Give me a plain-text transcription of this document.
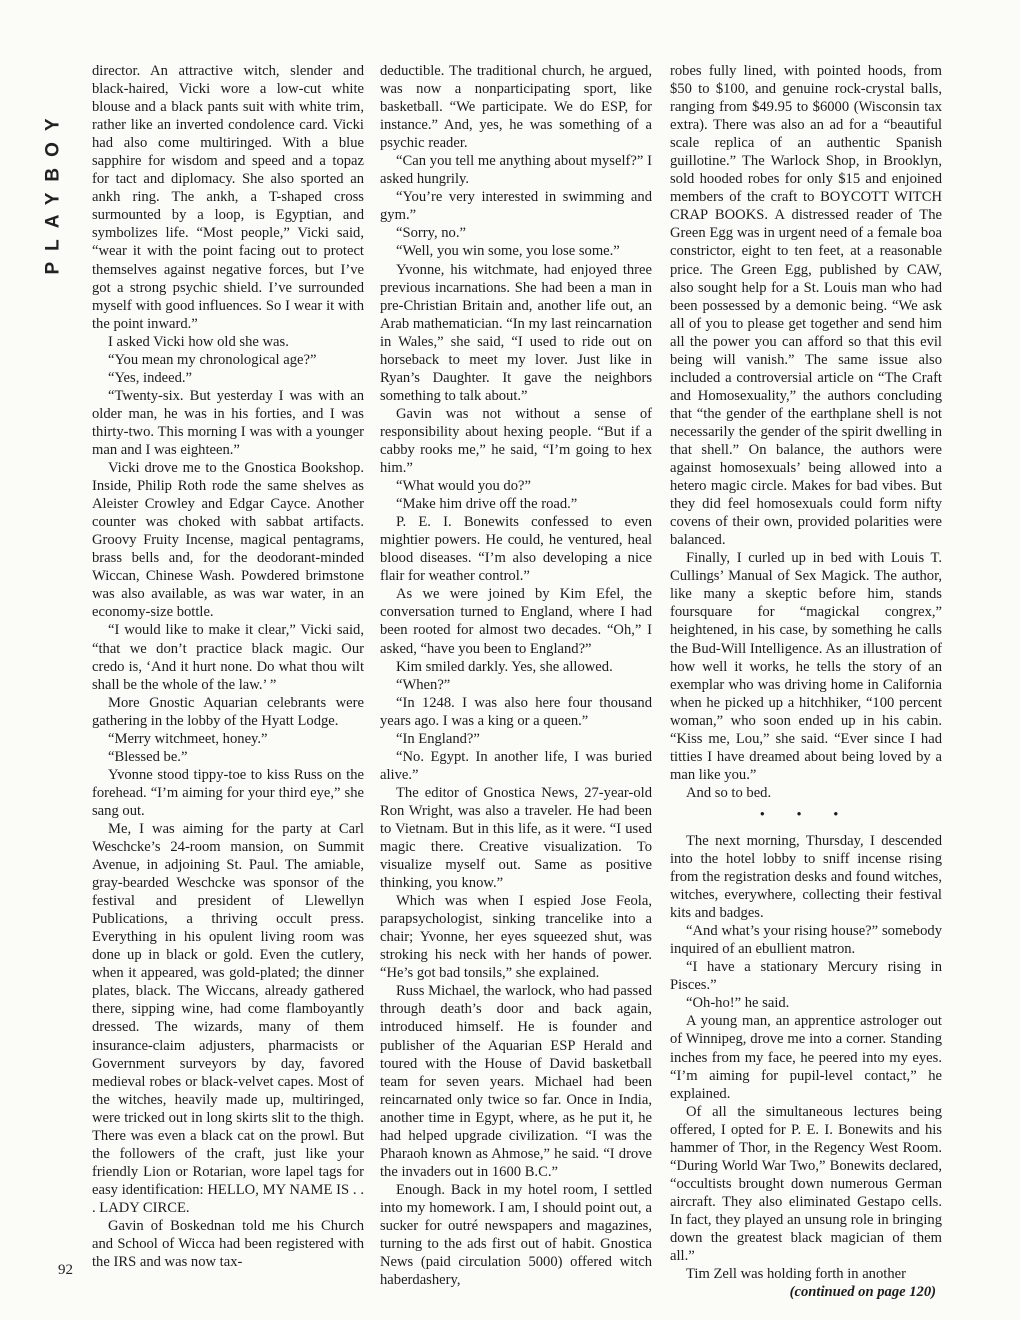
PLAYBOY

director. An attractive witch, slender and black-haired, Vicki wore a low-cut white blouse and a black pants suit with white trim, rather like an inverted condolence card. Vicki had also come multiringed. With a blue sapphire for wisdom and speed and a topaz for tact and diplomacy. She also sported an ankh ring. The ankh, a T-shaped cross surmounted by a loop, is Egyptian, and symbolizes life. “Most people,” Vicki said, “wear it with the point facing out to protect themselves against negative forces, but I’ve got a strong psychic shield. I’ve surrounded myself with good influences. So I wear it with the point inward.”

I asked Vicki how old she was.

“You mean my chronological age?”

“Yes, indeed.”

“Twenty-six. But yesterday I was with an older man, he was in his forties, and I was thirty-two. This morning I was with a younger man and I was eighteen.”

Vicki drove me to the Gnostica Bookshop. Inside, Philip Roth rode the same shelves as Aleister Crowley and Edgar Cayce. Another counter was choked with sabbat artifacts. Groovy Fruity Incense, magical pentagrams, brass bells and, for the deodorant-minded Wiccan, Chinese Wash. Powdered brimstone was also available, as was war water, in an economy-size bottle.

“I would like to make it clear,” Vicki said, “that we don’t practice black magic. Our credo is, ‘And it hurt none. Do what thou wilt shall be the whole of the law.’ ”

More Gnostic Aquarian celebrants were gathering in the lobby of the Hyatt Lodge.

“Merry witchmeet, honey.”

“Blessed be.”

Yvonne stood tippy-toe to kiss Russ on the forehead. “I’m aiming for your third eye,” she sang out.

Me, I was aiming for the party at Carl Weschcke’s 24-room mansion, on Summit Avenue, in adjoining St. Paul. The amiable, gray-bearded Weschcke was sponsor of the festival and president of Llewellyn Publications, a thriving occult press. Everything in his opulent living room was done up in black or gold. Even the cutlery, when it appeared, was gold-plated; the dinner plates, black. The Wiccans, already gathered there, sipping wine, had come flamboyantly dressed. The wizards, many of them insurance-claim adjusters, pharmacists or Government surveyors by day, favored medieval robes or black-velvet capes. Most of the witches, heavily made up, multiringed, were tricked out in long skirts slit to the thigh. There was even a black cat on the prowl. But the followers of the craft, just like your friendly Lion or Rotarian, wore lapel tags for easy identification: HELLO, MY NAME IS . . . LADY CIRCE.

Gavin of Boskednan told me his Church and School of Wicca had been registered with the IRS and was now tax-

deductible. The traditional church, he argued, was now a nonparticipating sport, like basketball. “We participate. We do ESP, for instance.” And, yes, he was something of a psychic reader.

“Can you tell me anything about myself?” I asked hungrily.

“You’re very interested in swimming and gym.”

“Sorry, no.”

“Well, you win some, you lose some.”

Yvonne, his witchmate, had enjoyed three previous incarnations. She had been a man in pre-Christian Britain and, another life out, an Arab mathematician. “In my last reincarnation in Wales,” she said, “I used to ride out on horseback to meet my lover. Just like in Ryan’s Daughter. It gave the neighbors something to talk about.”

Gavin was not without a sense of responsibility about hexing people. “But if a cabby rooks me,” he said, “I’m going to hex him.”

“What would you do?”

“Make him drive off the road.”

P. E. I. Bonewits confessed to even mightier powers. He could, he ventured, heal blood diseases. “I’m also developing a nice flair for weather control.”

As we were joined by Kim Efel, the conversation turned to England, where I had been rooted for almost two decades. “Oh,” I asked, “have you been to England?”

Kim smiled darkly. Yes, she allowed.

“When?”

“In 1248. I was also here four thousand years ago. I was a king or a queen.”

“In England?”

“No. Egypt. In another life, I was buried alive.”

The editor of Gnostica News, 27-year-old Ron Wright, was also a traveler. He had been to Vietnam. But in this life, as it were. “I used magic there. Creative visualization. To visualize myself out. Same as positive thinking, you know.”

Which was when I espied Jose Feola, parapsychologist, sinking trancelike into a chair; Yvonne, her eyes squeezed shut, was stroking his neck with her hands of power. “He’s got bad tonsils,” she explained.

Russ Michael, the warlock, who had passed through death’s door and back again, introduced himself. He is founder and publisher of the Aquarian ESP Herald and toured with the House of David basketball team for seven years. Michael had been reincarnated only twice so far. Once in India, another time in Egypt, where, as he put it, he had helped upgrade civilization. “I was the Pharaoh known as Ahmose,” he said. “I drove the invaders out in 1600 B.C.”

Enough. Back in my hotel room, I settled into my homework. I am, I should point out, a sucker for outré newspapers and magazines, turning to the ads first out of habit. Gnostica News (paid circulation 5000) offered witch haberdashery,

robes fully lined, with pointed hoods, from $50 to $100, and genuine rock-crystal balls, ranging from $49.95 to $6000 (Wisconsin tax extra). There was also an ad for a “beautiful scale replica of an authentic Spanish guillotine.” The Warlock Shop, in Brooklyn, sold hooded robes for only $15 and enjoined members of the craft to BOYCOTT WITCH CRAP BOOKS. A distressed reader of The Green Egg was in urgent need of a female boa constrictor, eight to ten feet, at a reasonable price. The Green Egg, published by CAW, also sought help for a St. Louis man who had been possessed by a demonic being. “We ask all of you to please get together and send him all the power you can afford so that this evil being will vanish.” The same issue also included a controversial article on “The Craft and Homosexuality,” the authors concluding that “the gender of the earthplane shell is not necessarily the gender of the spirit dwelling in that shell.” On balance, the authors were against homosexuals’ being allowed into a hetero magic circle. Makes for bad vibes. But they did feel homosexuals could form nifty covens of their own, provided polarities were balanced.

Finally, I curled up in bed with Louis T. Cullings’ Manual of Sex Magick. The author, like many a skeptic before him, stands foursquare for “magickal congrex,” heightened, in his case, by something he calls the Bud-Will Intelligence. As an illustration of how well it works, he tells the story of an exemplar who was driving home in California when he picked up a hitchhiker, “100 percent woman,” who soon ended up in his cabin. “Kiss me, Lou,” she said. “Ever since I had titties I have dreamed about being loved by a man like you.”

And so to bed.

• • •

The next morning, Thursday, I descended into the hotel lobby to sniff incense rising from the registration desks and found witches, witches, everywhere, collecting their festival kits and badges.

“And what’s your rising house?” somebody inquired of an ebullient matron.

“I have a stationary Mercury rising in Pisces.”

“Oh-ho!” he said.

A young man, an apprentice astrologer out of Winnipeg, drove me into a corner. Standing inches from my face, he peered into my eyes. “I’m aiming for pupil-level contact,” he explained.

Of all the simultaneous lectures being offered, I opted for P. E. I. Bonewits and his hammer of Thor, in the Regency West Room. “During World War Two,” Bonewits declared, “occultists brought down numerous German aircraft. They also eliminated Gestapo cells. In fact, they played an unsung role in bringing down the greatest black magician of them all.”

Tim Zell was holding forth in another

(continued on page 120)

92
